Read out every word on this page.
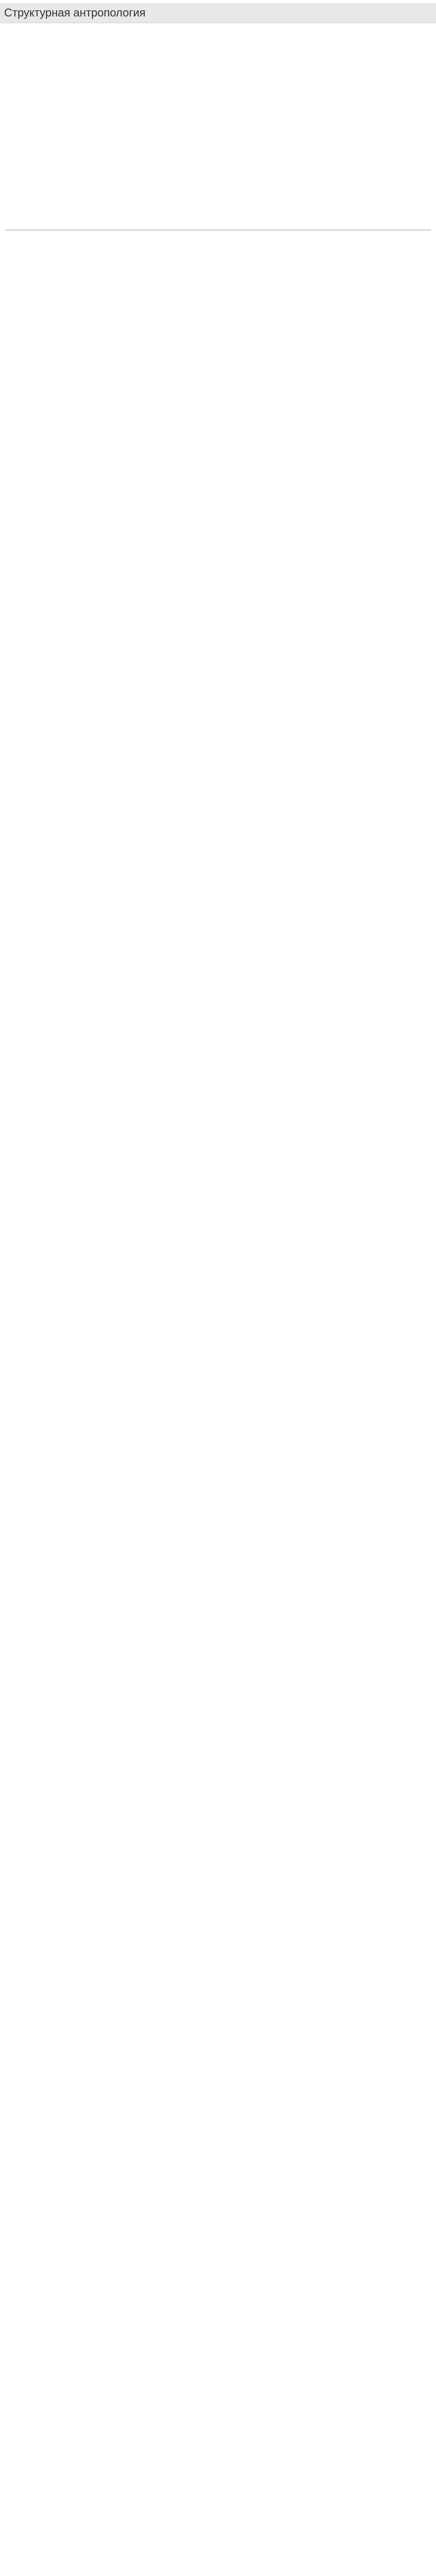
Структурная антропология
